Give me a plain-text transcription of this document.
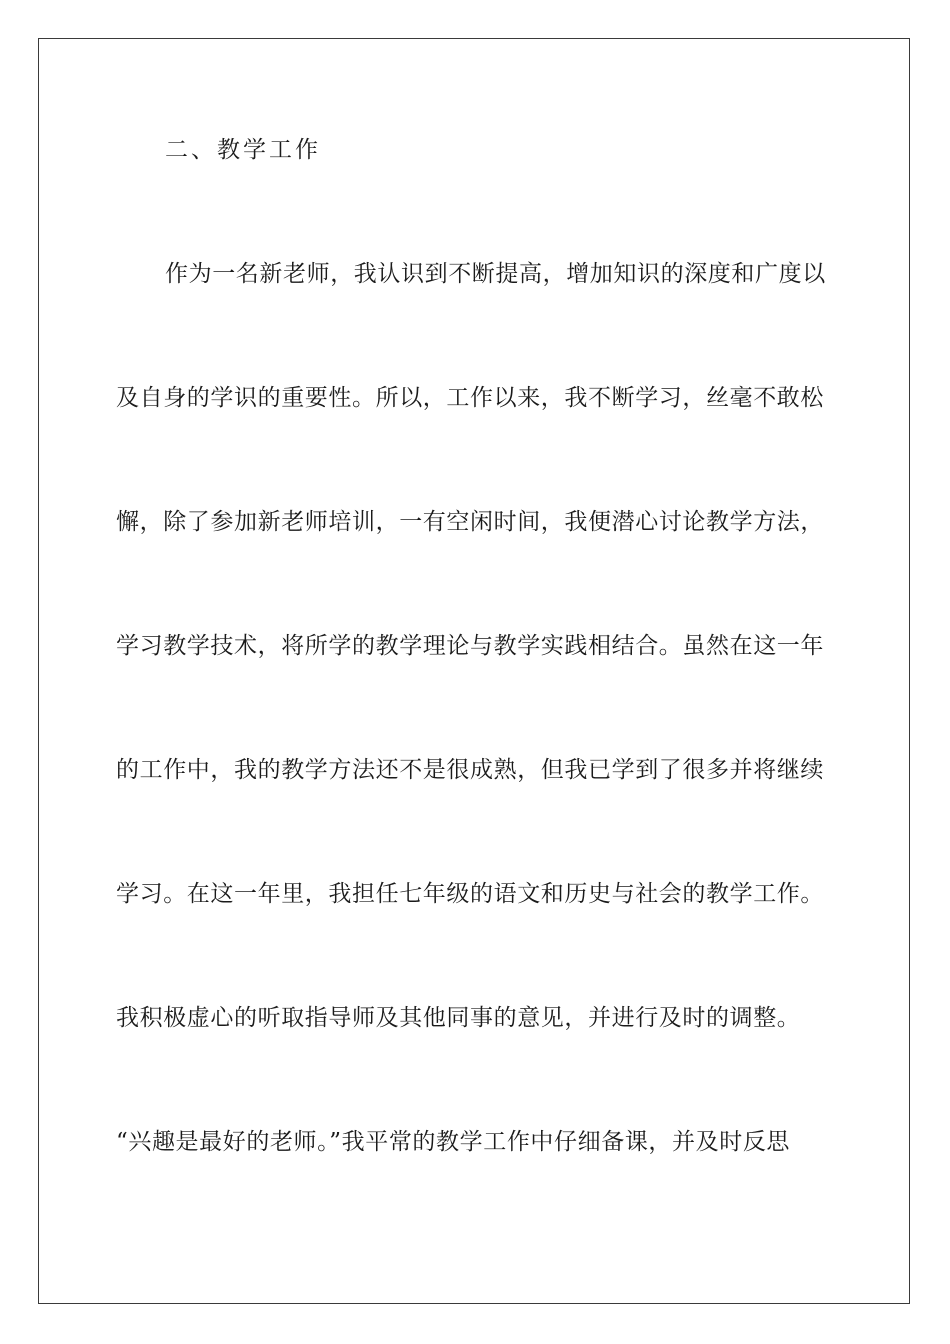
二、教学工作
作为一名新老师，我认识到不断提高，增加知识的深度和广度以
及自身的学识的重要性。所以，工作以来，我不断学习，丝毫不敢松
懈，除了参加新老师培训，一有空闲时间，我便潜心讨论教学方法，
学习教学技术，将所学的教学理论与教学实践相结合。虽然在这一年
的工作中，我的教学方法还不是很成熟，但我已学到了很多并将继续
学习。在这一年里，我担任七年级的语文和历史与社会的教学工作。
我积极虚心的听取指导师及其他同事的意见，并进行及时的调整。
“兴趣是最好的老师。”我平常的教学工作中仔细备课，并及时反思
